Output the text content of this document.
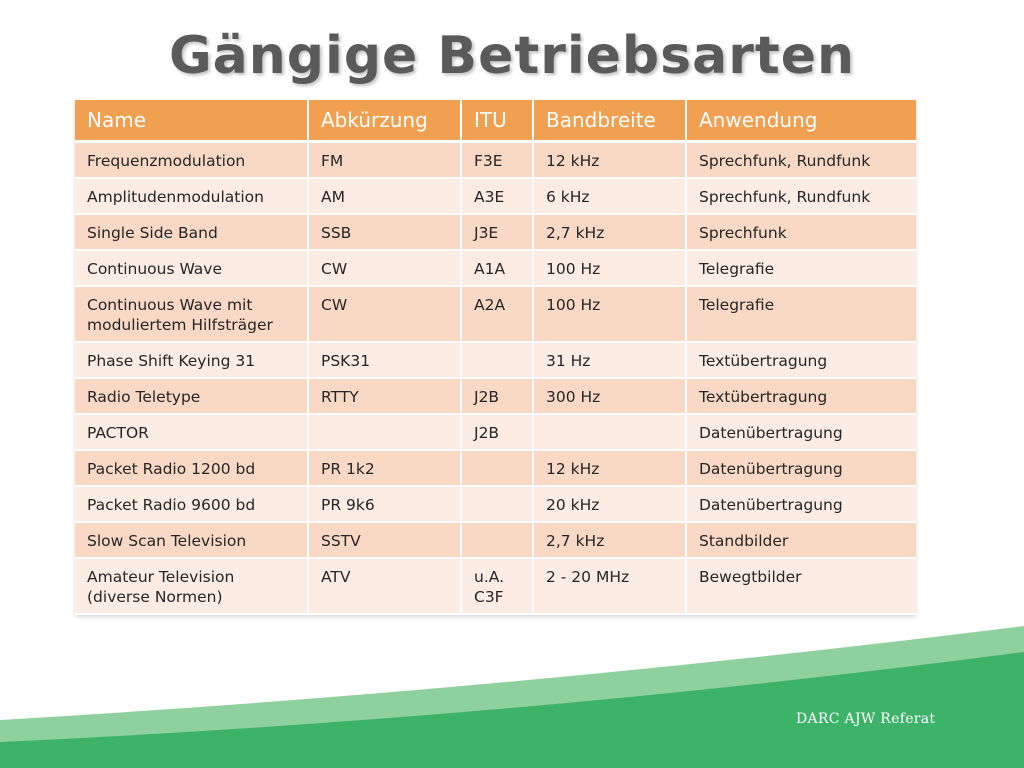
Gängige Betriebsarten
Name	Abkürzung	ITU	Bandbreite	Anwendung
Frequenzmodulation	FM	F3E	12 kHz	Sprechfunk, Rundfunk
Amplitudenmodulation	AM	A3E	6 kHz	Sprechfunk, Rundfunk
Single Side Band	SSB	J3E	2,7 kHz	Sprechfunk
Continuous Wave	CW	A1A	100 Hz	Telegrafie
Continuous Wave mit moduliertem Hilfsträger	CW	A2A	100 Hz	Telegrafie
Phase Shift Keying 31	PSK31		31 Hz	Textübertragung
Radio Teletype	RTTY	J2B	300 Hz	Textübertragung
PACTOR		J2B		Datenübertragung
Packet Radio 1200 bd	PR 1k2		12 kHz	Datenübertragung
Packet Radio 9600 bd	PR 9k6		20 kHz	Datenübertragung
Slow Scan Television	SSTV		2,7 kHz	Standbilder
Amateur Television (diverse Normen)	ATV	u.A. C3F	2 - 20 MHz	Bewegtbilder
DARC AJW Referat
